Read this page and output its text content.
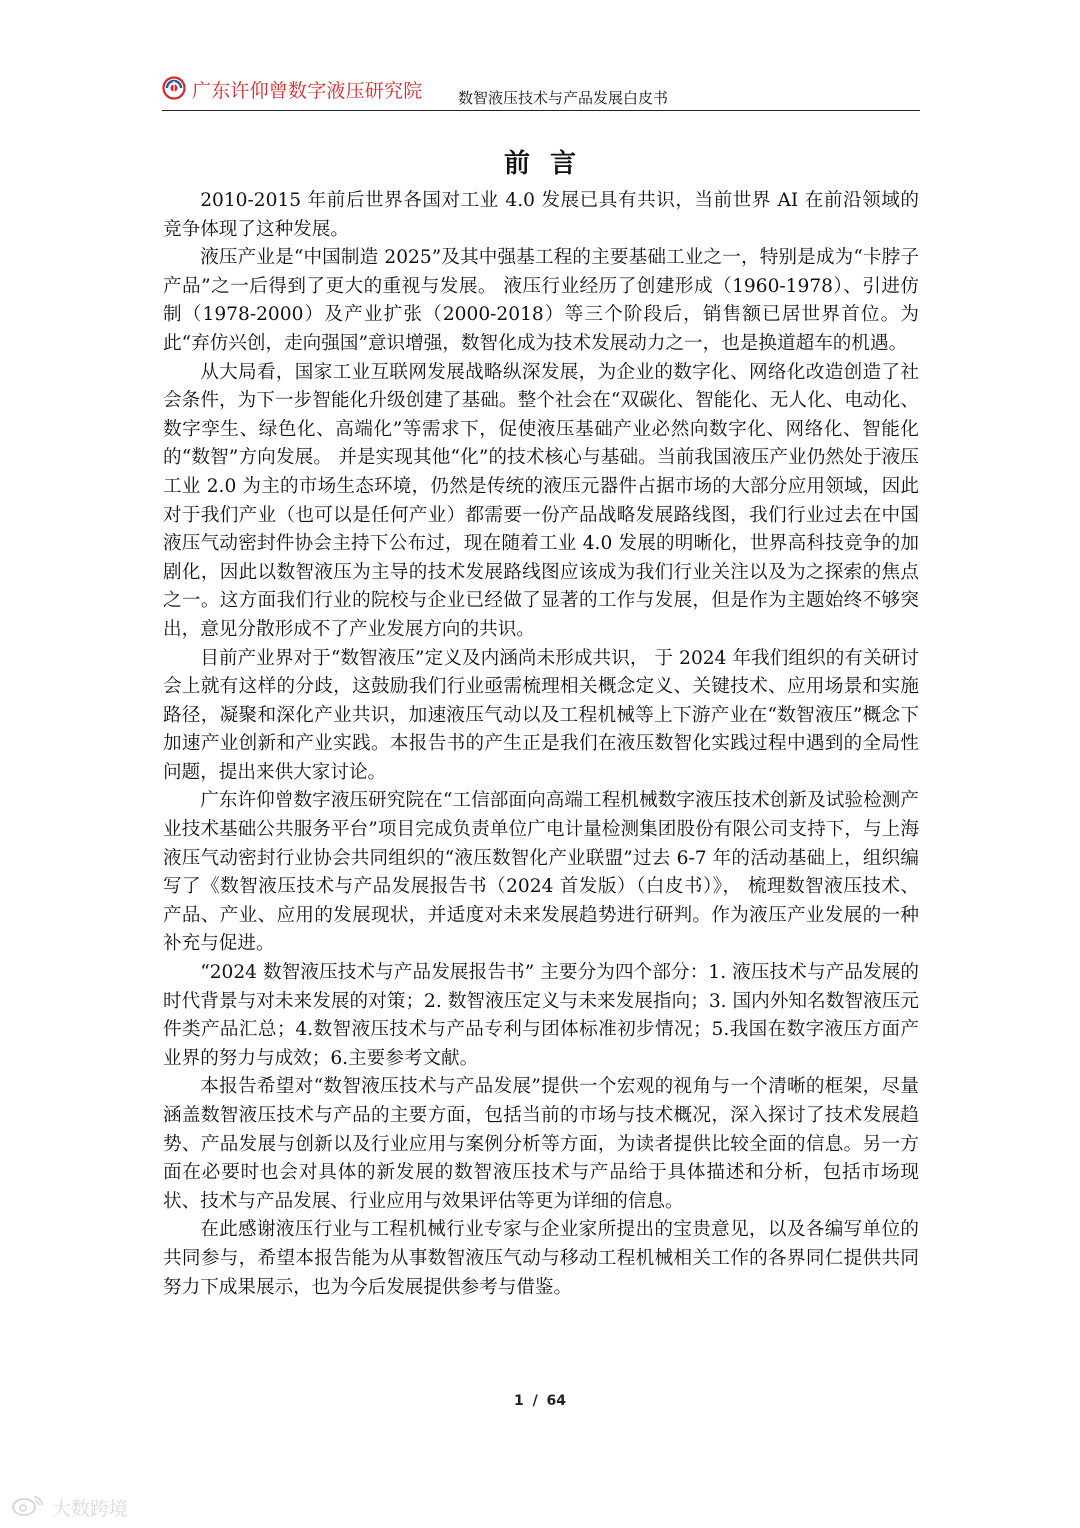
广东许仰曾数字液压研究院 数智液压技术与产品发展白皮书
前言

2010-2015 年前后世界各国对工业 4.0 发展已具有共识，当前世界 AI 在前沿领域的竞争体现了这种发展。

液压产业是“中国制造 2025”及其中强基工程的主要基础工业之一，特别是成为“卡脖子产品”之一后得到了更大的重视与发展。 液压行业经历了创建形成（1960-1978）、引进仿制（1978-2000）及产业扩张（2000-2018）等三个阶段后，销售额已居世界首位。为此“弃仿兴创，走向强国”意识增强，数智化成为技术发展动力之一，也是换道超车的机遇。

从大局看，国家工业互联网发展战略纵深发展，为企业的数字化、网络化改造创造了社会条件，为下一步智能化升级创建了基础。整个社会在“双碳化、智能化、无人化、电动化、数字孪生、绿色化、高端化”等需求下，促使液压基础产业必然向数字化、网络化、智能化的“数智”方向发展。 并是实现其他“化”的技术核心与基础。当前我国液压产业仍然处于液压工业 2.0 为主的市场生态环境，仍然是传统的液压元器件占据市场的大部分应用领域，因此对于我们产业（也可以是任何产业）都需要一份产品战略发展路线图，我们行业过去在中国液压气动密封件协会主持下公布过，现在随着工业 4.0 发展的明晰化，世界高科技竞争的加剧化，因此以数智液压为主导的技术发展路线图应该成为我们行业关注以及为之探索的焦点之一。这方面我们行业的院校与企业已经做了显著的工作与发展，但是作为主题始终不够突出，意见分散形成不了产业发展方向的共识。

目前产业界对于“数智液压”定义及内涵尚未形成共识， 于 2024 年我们组织的有关研讨会上就有这样的分歧，这鼓励我们行业亟需梳理相关概念定义、关键技术、应用场景和实施路径，凝聚和深化产业共识，加速液压气动以及工程机械等上下游产业在“数智液压”概念下加速产业创新和产业实践。本报告书的产生正是我们在液压数智化实践过程中遇到的全局性问题，提出来供大家讨论。

广东许仰曾数字液压研究院在“工信部面向高端工程机械数字液压技术创新及试验检测产业技术基础公共服务平台”项目完成负责单位广电计量检测集团股份有限公司支持下，与上海液压气动密封行业协会共同组织的“液压数智化产业联盟”过去 6-7 年的活动基础上，组织编写了《数智液压技术与产品发展报告书（2024 首发版）（白皮书）》， 梳理数智液压技术、产品、产业、应用的发展现状，并适度对未来发展趋势进行研判。作为液压产业发展的一种补充与促进。

“2024 数智液压技术与产品发展报告书” 主要分为四个部分：1. 液压技术与产品发展的时代背景与对未来发展的对策；2. 数智液压定义与未来发展指向；3. 国内外知名数智液压元件类产品汇总；4.数智液压技术与产品专利与团体标准初步情况；5.我国在数字液压方面产业界的努力与成效；6.主要参考文献。

本报告希望对“数智液压技术与产品发展”提供一个宏观的视角与一个清晰的框架，尽量涵盖数智液压技术与产品的主要方面，包括当前的市场与技术概况，深入探讨了技术发展趋势、产品发展与创新以及行业应用与案例分析等方面，为读者提供比较全面的信息。另一方面在必要时也会对具体的新发展的数智液压技术与产品给于具体描述和分析，包括市场现状、技术与产品发展、行业应用与效果评估等更为详细的信息。

在此感谢液压行业与工程机械行业专家与企业家所提出的宝贵意见，以及各编写单位的共同参与，希望本报告能为从事数智液压气动与移动工程机械相关工作的各界同仁提供共同努力下成果展示，也为今后发展提供参考与借鉴。

1 / 64
大数跨境
